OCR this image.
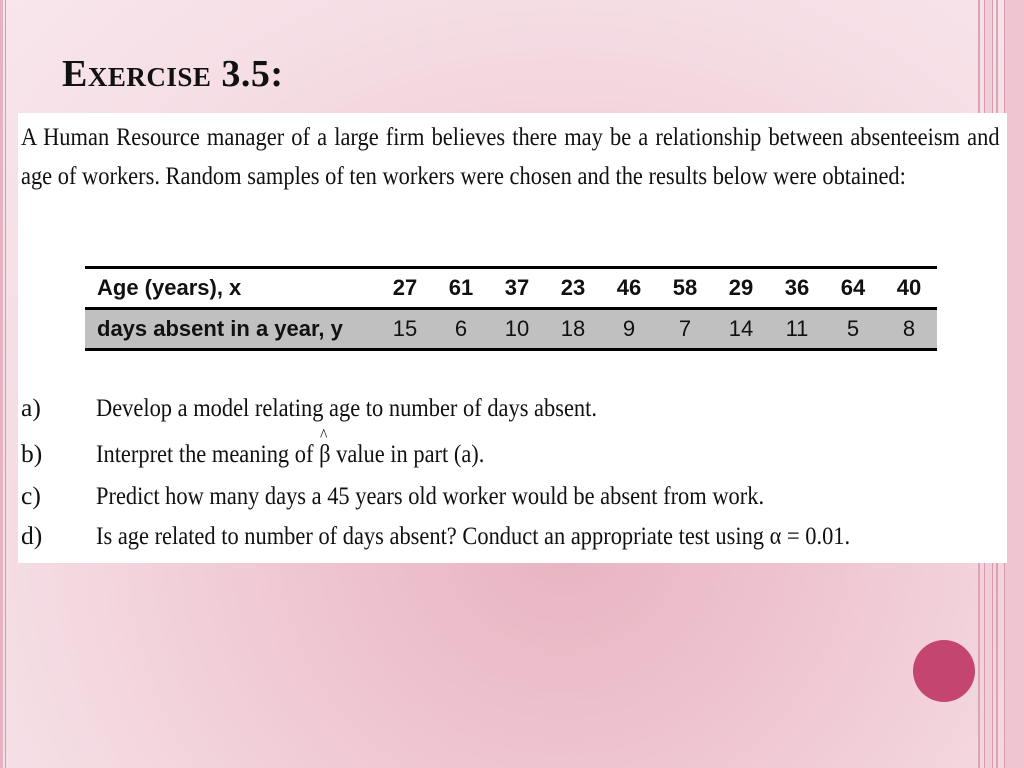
Exercise 3.5:

A Human Resource manager of a large firm believes there may be a relationship between absenteeism and age of workers. Random samples of ten workers were chosen and the results below were obtained:

Age (years), x	27	61	37	23	46	58	29	36	64	40
days absent in a year, y	15	6	10	18	9	7	14	11	5	8
a) Develop a model relating age to number of days absent.
b) Interpret the meaning of ^ β value in part (a).
c) Predict how many days a 45 years old worker would be absent from work.
d) Is age related to number of days absent? Conduct an appropriate test using α = 0.01.
